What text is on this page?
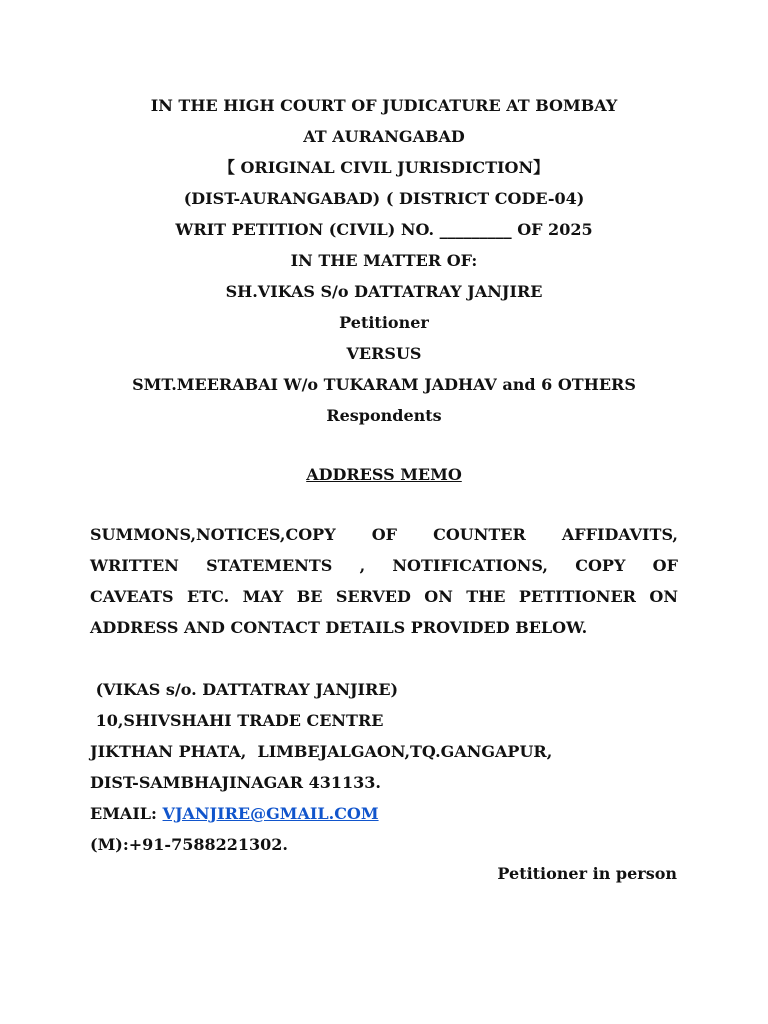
IN THE HIGH COURT OF JUDICATURE AT BOMBAY
AT AURANGABAD
【 ORIGINAL CIVIL JURISDICTION】
(DIST-AURANGABAD) ( DISTRICT CODE-04)
WRIT PETITION (CIVIL) NO. _________ OF 2025
IN THE MATTER OF:
SH.VIKAS S/o DATTATRAY JANJIRE
Petitioner
VERSUS
SMT.MEERABAI W/o TUKARAM JADHAV and 6 OTHERS
Respondents
ADDRESS MEMO
SUMMONS,NOTICES,COPY OF COUNTER AFFIDAVITS,
WRITTEN STATEMENTS , NOTIFICATIONS, COPY OF
CAVEATS ETC. MAY BE SERVED ON THE PETITIONER ON
ADDRESS AND CONTACT DETAILS PROVIDED BELOW.
(VIKAS s/o. DATTATRAY JANJIRE)
10,SHIVSHAHI TRADE CENTRE
JIKTHAN PHATA,  LIMBEJALGAON,TQ.GANGAPUR,
DIST-SAMBHAJINAGAR 431133.
EMAIL: VJANJIRE@GMAIL.COM
(M):+91-7588221302.
Petitioner in person
